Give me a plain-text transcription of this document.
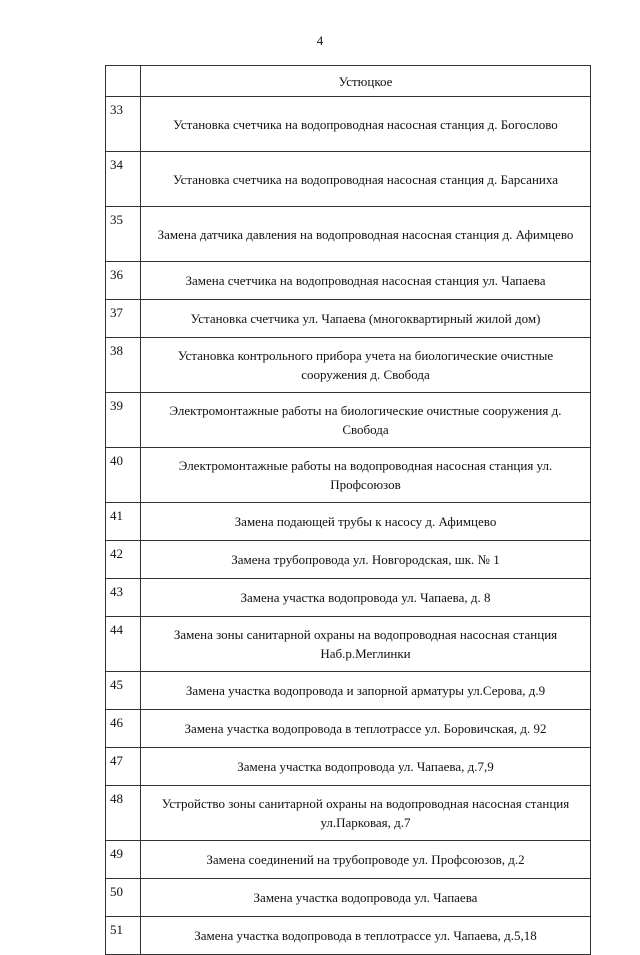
4
	Устюцкое

33	Установка счетчика на водопроводная насосная станция д. Богослово

34	Установка счетчика на водопроводная насосная станция д. Барсаниха

35	Замена датчика давления на водопроводная насосная станция д. Афимцево

36	Замена счетчика на водопроводная насосная станция ул. Чапаева

37	Установка счетчика ул. Чапаева (многоквартирный жилой дом)

38	Установка контрольного прибора учета на биологические очистные сооружения д. Свобода

39	Электромонтажные работы на биологические очистные сооружения д. Свобода

40	Электромонтажные работы на водопроводная насосная станция ул. Профсоюзов

41	Замена подающей трубы к насосу д. Афимцево

42	Замена трубопровода ул. Новгородская, шк. № 1

43	Замена участка водопровода ул. Чапаева, д. 8

44	Замена зоны санитарной охраны на водопроводная насосная станция Наб.р.Меглинки

45	Замена участка водопровода и запорной арматуры ул.Серова, д.9

46	Замена участка водопровода в теплотрассе ул. Боровичская, д. 92

47	Замена участка водопровода ул. Чапаева, д.7,9

48	Устройство зоны санитарной охраны на водопроводная насосная станция ул.Парковая, д.7

49	Замена соединений на трубопроводе ул. Профсоюзов, д.2

50	Замена участка водопровода ул. Чапаева

51	Замена участка водопровода в теплотрассе ул. Чапаева, д.5,18
